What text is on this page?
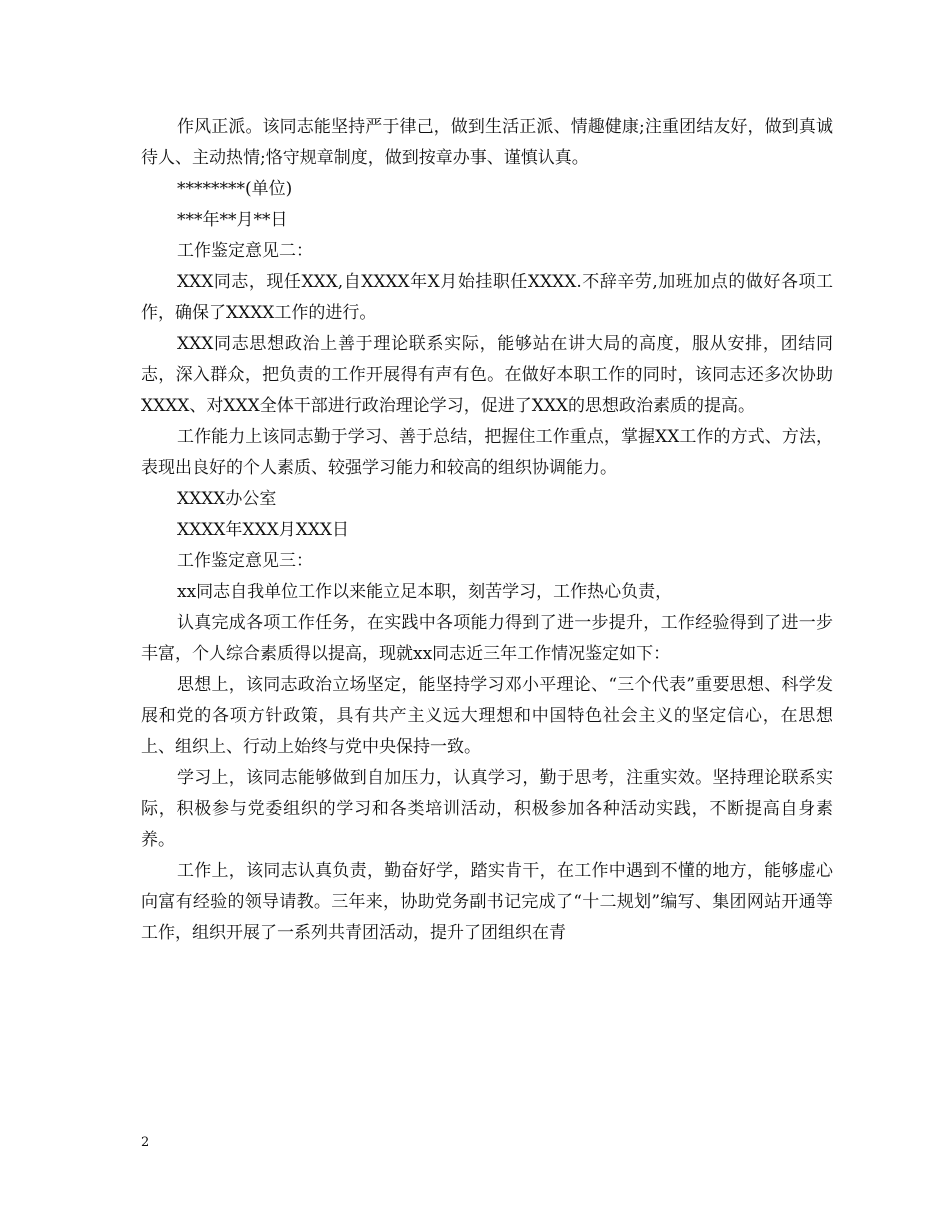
作风正派。该同志能坚持严于律己，做到生活正派、情趣健康;注重团结友好，做到真诚待人、主动热情;恪守规章制度，做到按章办事、谨慎认真。

********(单位)

***年**月**日

工作鉴定意见二：

XXX同志，现任XXX,自XXXX年X月始挂职任XXXX.不辞辛劳,加班加点的做好各项工作，确保了XXXX工作的进行。

XXX同志思想政治上善于理论联系实际，能够站在讲大局的高度，服从安排，团结同志，深入群众，把负责的工作开展得有声有色。在做好本职工作的同时，该同志还多次协助XXXX、对XXX全体干部进行政治理论学习，促进了XXX的思想政治素质的提高。

工作能力上该同志勤于学习、善于总结，把握住工作重点，掌握XX工作的方式、方法，表现出良好的个人素质、较强学习能力和较高的组织协调能力。

XXXX办公室

XXXX年XXX月XXX日

工作鉴定意见三：

xx同志自我单位工作以来能立足本职，刻苦学习，工作热心负责，

认真完成各项工作任务，在实践中各项能力得到了进一步提升，工作经验得到了进一步丰富，个人综合素质得以提高，现就xx同志近三年工作情况鉴定如下：

思想上，该同志政治立场坚定，能坚持学习邓小平理论、“三个代表”重要思想、科学发展和党的各项方针政策，具有共产主义远大理想和中国特色社会主义的坚定信心，在思想上、组织上、行动上始终与党中央保持一致。

学习上，该同志能够做到自加压力，认真学习，勤于思考，注重实效。坚持理论联系实际，积极参与党委组织的学习和各类培训活动，积极参加各种活动实践，不断提高自身素养。

工作上，该同志认真负责，勤奋好学，踏实肯干，在工作中遇到不懂的地方，能够虚心向富有经验的领导请教。三年来，协助党务副书记完成了“十二规划”编写、集团网站开通等工作，组织开展了一系列共青团活动，提升了团组织在青

2
